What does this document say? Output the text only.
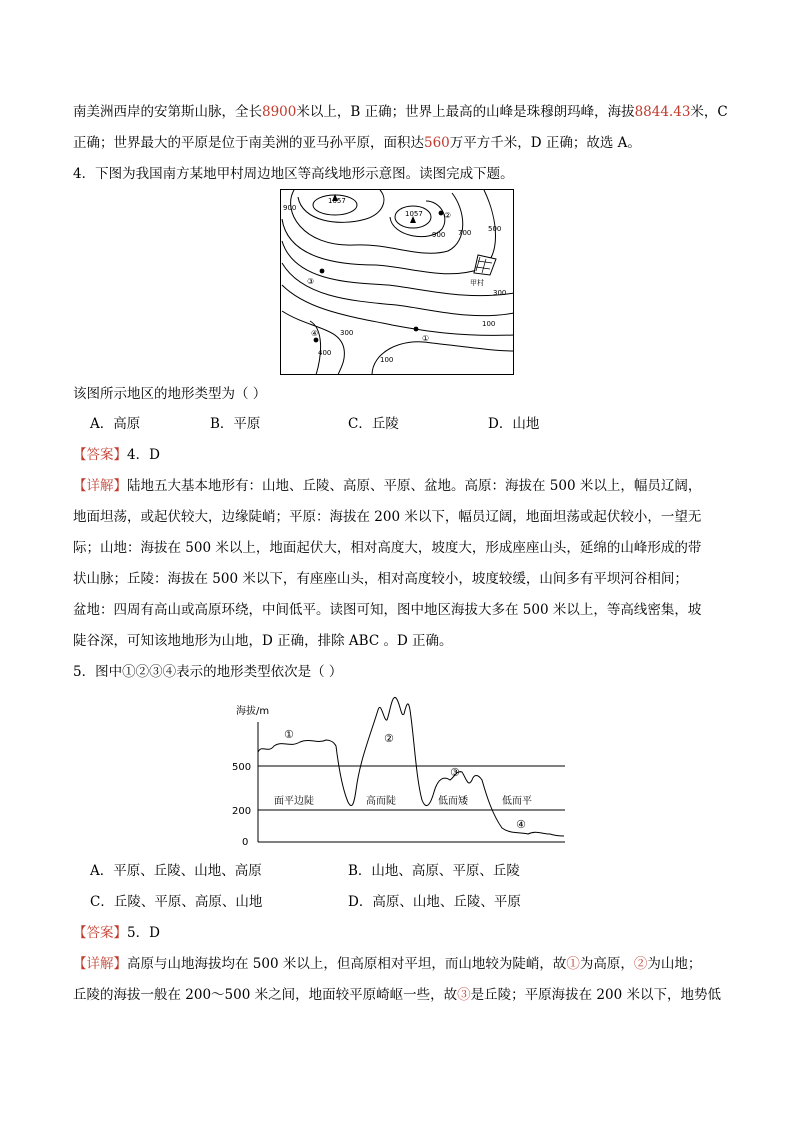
南美洲西岸的安第斯山脉，全长8900米以上，B 正确；世界上最高的山峰是珠穆朗玛峰，海拔8844.43米，C
正确；世界最大的平原是位于南美洲的亚马孙平原，面积达560万平方千米，D 正确；故选 A。
4．下图为我国南方某地甲村周边地区等高线地形示意图。读图完成下题。
1057
1057
900
900 700 500
300
300
100
100
400
甲村
②
③
④
①
该图所示地区的地形类型为（ ）
A．高原	B．平原	C．丘陵	D．山地
【答案】4．D
【详解】陆地五大基本地形有：山地、丘陵、高原、平原、盆地。高原：海拔在 500 米以上，幅员辽阔，
地面坦荡，或起伏较大，边缘陡峭；平原：海拔在 200 米以下，幅员辽阔，地面坦荡或起伏较小，一望无
际；山地：海拔在 500 米以上，地面起伏大，相对高度大，坡度大，形成座座山头，延绵的山峰形成的带
状山脉；丘陵：海拔在 500 米以下，有座座山头，相对高度较小，坡度较缓，山间多有平坝河谷相间；
盆地：四周有高山或高原环绕，中间低平。读图可知，图中地区海拔大多在 500 米以上，等高线密集，坡
陡谷深，可知该地地形为山地，D 正确，排除 ABC 。D 正确。
5．图中①②③④表示的地形类型依次是（ ）
海拔/m
500
200
0
①	②
③
④
面平边陡	高而陡	低而矮	低而平
A．平原、丘陵、山地、高原	B．山地、高原、平原、丘陵
C．丘陵、平原、高原、山地	D．高原、山地、丘陵、平原
【答案】5．D
【详解】高原与山地海拔均在 500 米以上，但高原相对平坦，而山地较为陡峭，故①为高原，②为山地；
丘陵的海拔一般在 200～500 米之间，地面较平原崎岖一些，故③是丘陵；平原海拔在 200 米以下，地势低
